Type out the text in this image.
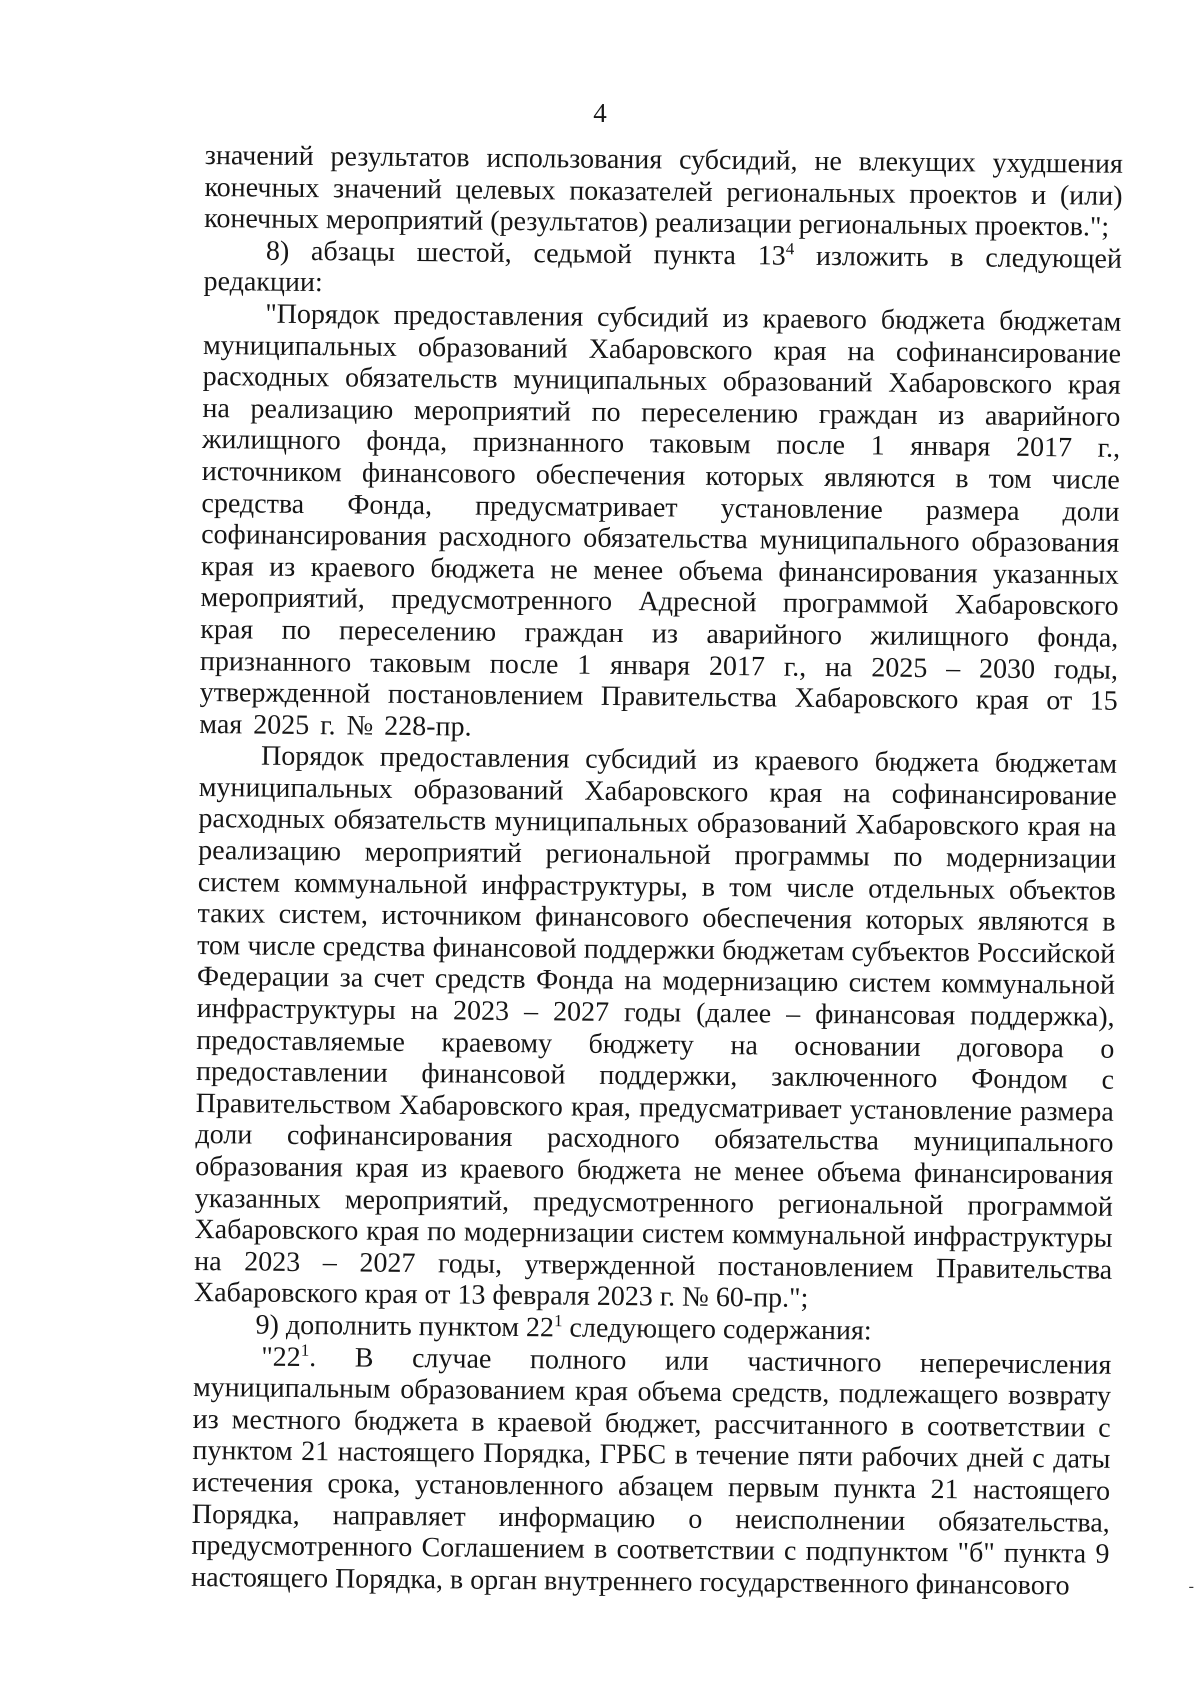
4

значений результатов использования субсидий, не влекущих ухудшения конечных значений целевых показателей региональных проектов и (или) конечных мероприятий (результатов) реализации региональных проектов.";

8) абзацы шестой, седьмой пункта $13^4$ изложить в следующей редакции:

"Порядок предоставления субсидий из краевого бюджета бюджетам муниципальных образований Хабаровского края на софинансирование расходных обязательств муниципальных образований Хабаровского края на реализацию мероприятий по переселению граждан из аварийного жилищного фонда, признанного таковым после 1 января 2017 г., источником финансового обеспечения которых являются в том числе средства Фонда, предусматривает установление размера доли софинансирования расходного обязательства муниципального образования края из краевого бюджета не менее объема финансирования указанных мероприятий, предусмотренного Адресной программой Хабаровского края по переселению граждан из аварийного жилищного фонда, признанного таковым после 1 января 2017 г., на 2025 – 2030 годы, утвержденной постановлением Правительства Хабаровского края от 15 мая 2025 г. № 228-пр.

Порядок предоставления субсидий из краевого бюджета бюджетам муниципальных образований Хабаровского края на софинансирование расходных обязательств муниципальных образований Хабаровского края на реализацию мероприятий региональной программы по модернизации систем коммунальной инфраструктуры, в том числе отдельных объектов таких систем, источником финансового обеспечения которых являются в том числе средства финансовой поддержки бюджетам субъектов Российской Федерации за счет средств Фонда на модернизацию систем коммунальной инфраструктуры на 2023 – 2027 годы (далее – финансовая поддержка), предоставляемые краевому бюджету на основании договора о предоставлении финансовой поддержки, заключенного Фондом с Правительством Хабаровского края, предусматривает установление размера доли софинансирования расходного обязательства муниципального образования края из краевого бюджета не менее объема финансирования указанных мероприятий, предусмотренного региональной программой Хабаровского края по модернизации систем коммунальной инфраструктуры на 2023 – 2027 годы, утвержденной постановлением Правительства Хабаровского края от 13 февраля 2023 г. № 60-пр.";

9) дополнить пунктом $22^1$ следующего содержания:

"$22^1$. В случае полного или частичного неперечисления муниципальным образованием края объема средств, подлежащего возврату из местного бюджета в краевой бюджет, рассчитанного в соответствии с пунктом 21 настоящего Порядка, ГРБС в течение пяти рабочих дней с даты истечения срока, установленного абзацем первым пункта 21 настоящего Порядка, направляет информацию о неисполнении обязательства, предусмотренного Соглашением в соответствии с подпунктом "б" пункта 9 настоящего Порядка, в орган внутреннего государственного финансового	-
